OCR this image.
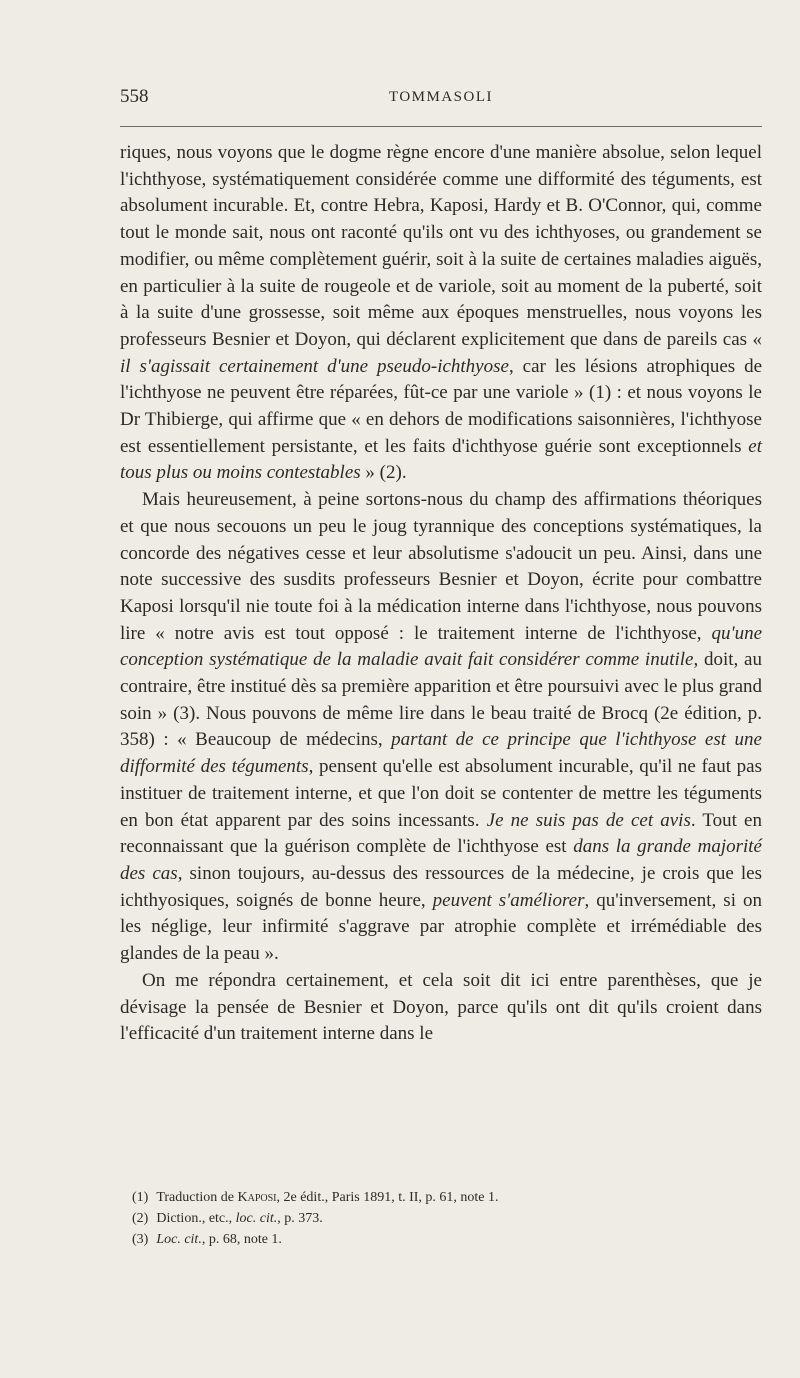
558	TOMMASOLI

riques, nous voyons que le dogme règne encore d'une manière absolue, selon lequel l'ichthyose, systématiquement considérée comme une difformité des téguments, est absolument incurable. Et, contre Hebra, Kaposi, Hardy et B. O'Connor, qui, comme tout le monde sait, nous ont raconté qu'ils ont vu des ichthyoses, ou grandement se modifier, ou même complètement guérir, soit à la suite de certaines maladies aiguës, en particulier à la suite de rougeole et de variole, soit au moment de la puberté, soit à la suite d'une grossesse, soit même aux époques menstruelles, nous voyons les professeurs Besnier et Doyon, qui déclarent explicitement que dans de pareils cas « il s'agissait certainement d'une pseudo-ichthyose, car les lésions atrophiques de l'ichthyose ne peuvent être réparées, fût-ce par une variole » (1) : et nous voyons le Dr Thibierge, qui affirme que « en dehors de modifications saisonnières, l'ichthyose est essentiellement persistante, et les faits d'ichthyose guérie sont exceptionnels et tous plus ou moins contestables » (2).

Mais heureusement, à peine sortons-nous du champ des affirmations théoriques et que nous secouons un peu le joug tyrannique des conceptions systématiques, la concorde des négatives cesse et leur absolutisme s'adoucit un peu. Ainsi, dans une note successive des susdits professeurs Besnier et Doyon, écrite pour combattre Kaposi lorsqu'il nie toute foi à la médication interne dans l'ichthyose, nous pouvons lire « notre avis est tout opposé : le traitement interne de l'ichthyose, qu'une conception systématique de la maladie avait fait considérer comme inutile, doit, au contraire, être institué dès sa première apparition et être poursuivi avec le plus grand soin » (3). Nous pouvons de même lire dans le beau traité de Brocq (2e édition, p. 358) : « Beaucoup de médecins, partant de ce principe que l'ichthyose est une difformité des téguments, pensent qu'elle est absolument incurable, qu'il ne faut pas instituer de traitement interne, et que l'on doit se contenter de mettre les téguments en bon état apparent par des soins incessants. Je ne suis pas de cet avis. Tout en reconnaissant que la guérison complète de l'ichthyose est dans la grande majorité des cas, sinon toujours, au-dessus des ressources de la médecine, je crois que les ichthyosiques, soignés de bonne heure, peuvent s'améliorer, qu'inversement, si on les néglige, leur infirmité s'aggrave par atrophie complète et irrémédiable des glandes de la peau ».

On me répondra certainement, et cela soit dit ici entre parenthèses, que je dévisage la pensée de Besnier et Doyon, parce qu'ils ont dit qu'ils croient dans l'efficacité d'un traitement interne dans le

(1) Traduction de Kaposi, 2e édit., Paris 1891, t. II, p. 61, note 1.
(2) Diction., etc., loc. cit., p. 373.
(3) Loc. cit., p. 68, note 1.
